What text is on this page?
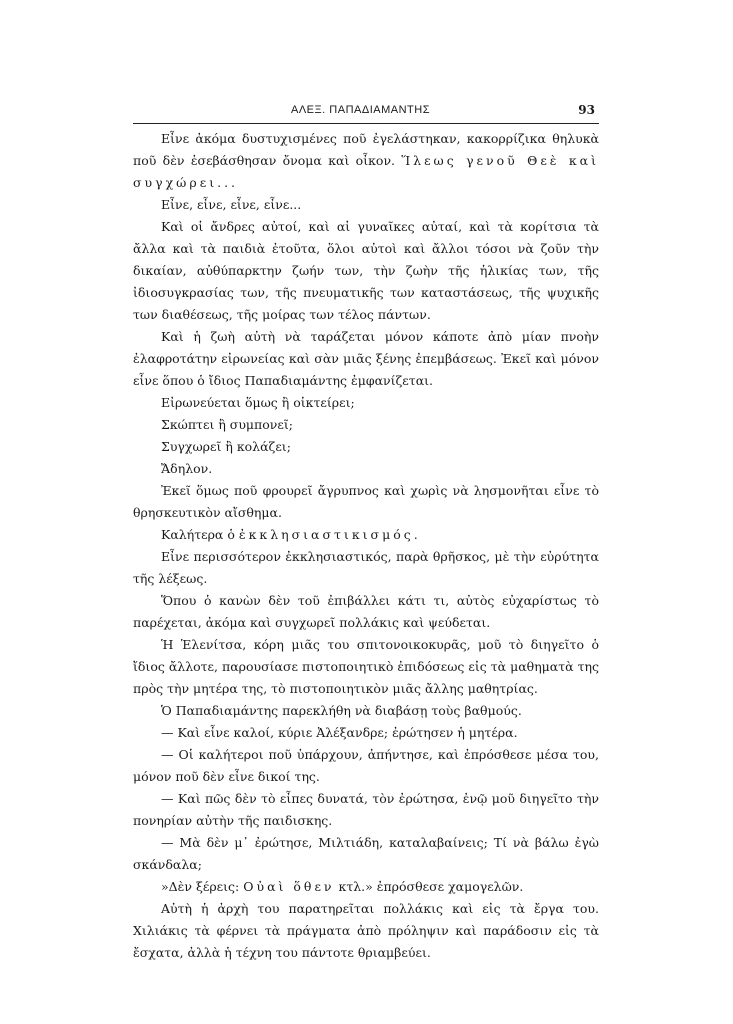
ΑΛΕΞ. ΠΑΠΑΔΙΑΜΑΝΤΗΣ	93

Εἶνε ἀκόμα δυστυχισμένες ποῦ ἐγελάστηκαν, κακορρίζικα θηλυκὰ ποῦ δὲν ἐσεβάσθησαν ὄνομα καὶ οἶκον. Ἵλεως γενοῦ Θεὲ καὶ συγχώρει...

Εἶνε, εἶνε, εἶνε, εἶνε...

Καὶ οἱ ἄνδρες αὐτοί, καὶ αἱ γυναῖκες αὐταί, καὶ τὰ κορίτσια τὰ ἄλλα καὶ τὰ παιδιὰ ἐτοῦτα, ὅλοι αὐτοὶ καὶ ἄλλοι τόσοι νὰ ζοῦν τὴν δικαίαν, αὐθύπαρκτην ζωήν των, τὴν ζωὴν τῆς ἡλικίας των, τῆς ἰδιοσυγκρασίας των, τῆς πνευματικῆς των καταστάσεως, τῆς ψυχικῆς των διαθέσεως, τῆς μοίρας των τέλος πάντων.

Καὶ ἡ ζωὴ αὐτὴ νὰ ταράζεται μόνον κάποτε ἀπὸ μίαν πνοὴν ἐλαφροτάτην εἰρωνείας καὶ σὰν μιᾶς ξένης ἐπεμβάσεως. Ἐκεῖ καὶ μόνον εἶνε ὅπου ὁ ἴδιος Παπαδιαμάντης ἐμφανίζεται.

Εἰρωνεύεται ὅμως ἢ οἰκτείρει;

Σκώπτει ἢ συμπονεῖ;

Συγχωρεῖ ἢ κολάζει;

Ἄδηλον.

Ἐκεῖ ὅμως ποῦ φρουρεῖ ἄγρυπνος καὶ χωρὶς νὰ λησμονῆται εἶνε τὸ θρησκευτικὸν αἴσθημα.

Καλήτερα ὁ ἐκκλησιαστικισμός.

Εἶνε περισσότερον ἐκκλησιαστικός, παρὰ θρῆσκος, μὲ τὴν εὐρύτητα τῆς λέξεως.

Ὅπου ὁ κανὼν δὲν τοῦ ἐπιβάλλει κάτι τι, αὐτὸς εὐχαρίστως τὸ παρέχεται, ἀκόμα καὶ συγχωρεῖ πολλάκις καὶ ψεύδεται.

Ἡ Ἑλενίτσα, κόρη μιᾶς του σπιτονοικοκυρᾶς, μοῦ τὸ διηγεῖτο ὁ ἴδιος ἄλλοτε, παρουσίασε πιστοποιητικὸ ἐπιδόσεως εἰς τὰ μαθηματὰ της πρὸς τὴν μητέρα της, τὸ πιστοποιητικὸν μιᾶς ἄλλης μαθητρίας.

Ὁ Παπαδιαμάντης παρεκλήθη νὰ διαβάσῃ τοὺς βαθμούς.

— Καὶ εἶνε καλοί, κύριε Ἀλέξανδρε; ἐρώτησεν ἡ μητέρα.

— Οἱ καλήτεροι ποῦ ὑπάρχουν, ἀπήντησε, καὶ ἐπρόσθεσε μέσα του, μόνον ποῦ δὲν εἶνε δικοί της.

— Καὶ πῶς δὲν τὸ εἶπες δυνατά, τὸν ἐρώτησα, ἐνῷ μοῦ διηγεῖτο τὴν πονηρίαν αὐτὴν τῆς παιδισκης.

— Μὰ δὲν μ᾽ ἐρώτησε, Μιλτιάδη, καταλαβαίνεις; Τί νὰ βάλω ἐγὼ σκάνδαλα;

»Δὲν ξέρεις: Οὐαὶ ὅθεν κτλ.» ἐπρόσθεσε χαμογελῶν.

Αὐτὴ ἡ ἀρχὴ του παρατηρεῖται πολλάκις καὶ εἰς τὰ ἔργα του. Χιλιάκις τὰ φέρνει τὰ πράγματα ἀπὸ πρόληψιν καὶ παράδοσιν εἰς τὰ ἔσχατα, ἀλλὰ ἡ τέχνη του πάντοτε θριαμβεύει.
